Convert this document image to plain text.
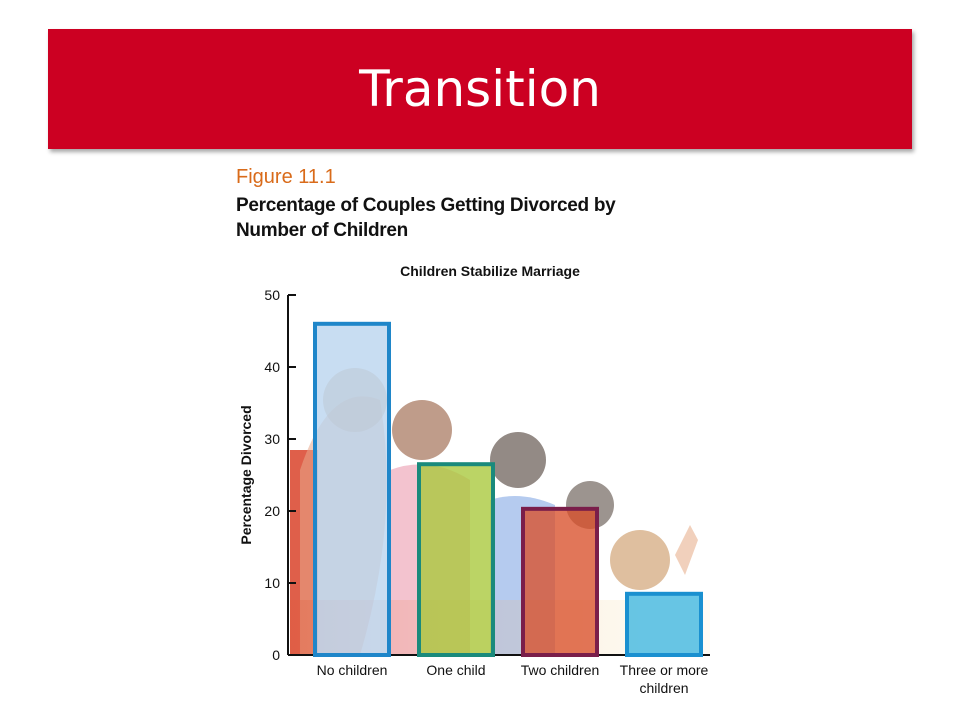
Transition
Figure 11.1
Percentage of Couples Getting Divorced by Number of Children
Children Stabilize Marriage
Percentage Divorced
0
10
20
30
40
50
No children	One child	Two children Three or more
children
